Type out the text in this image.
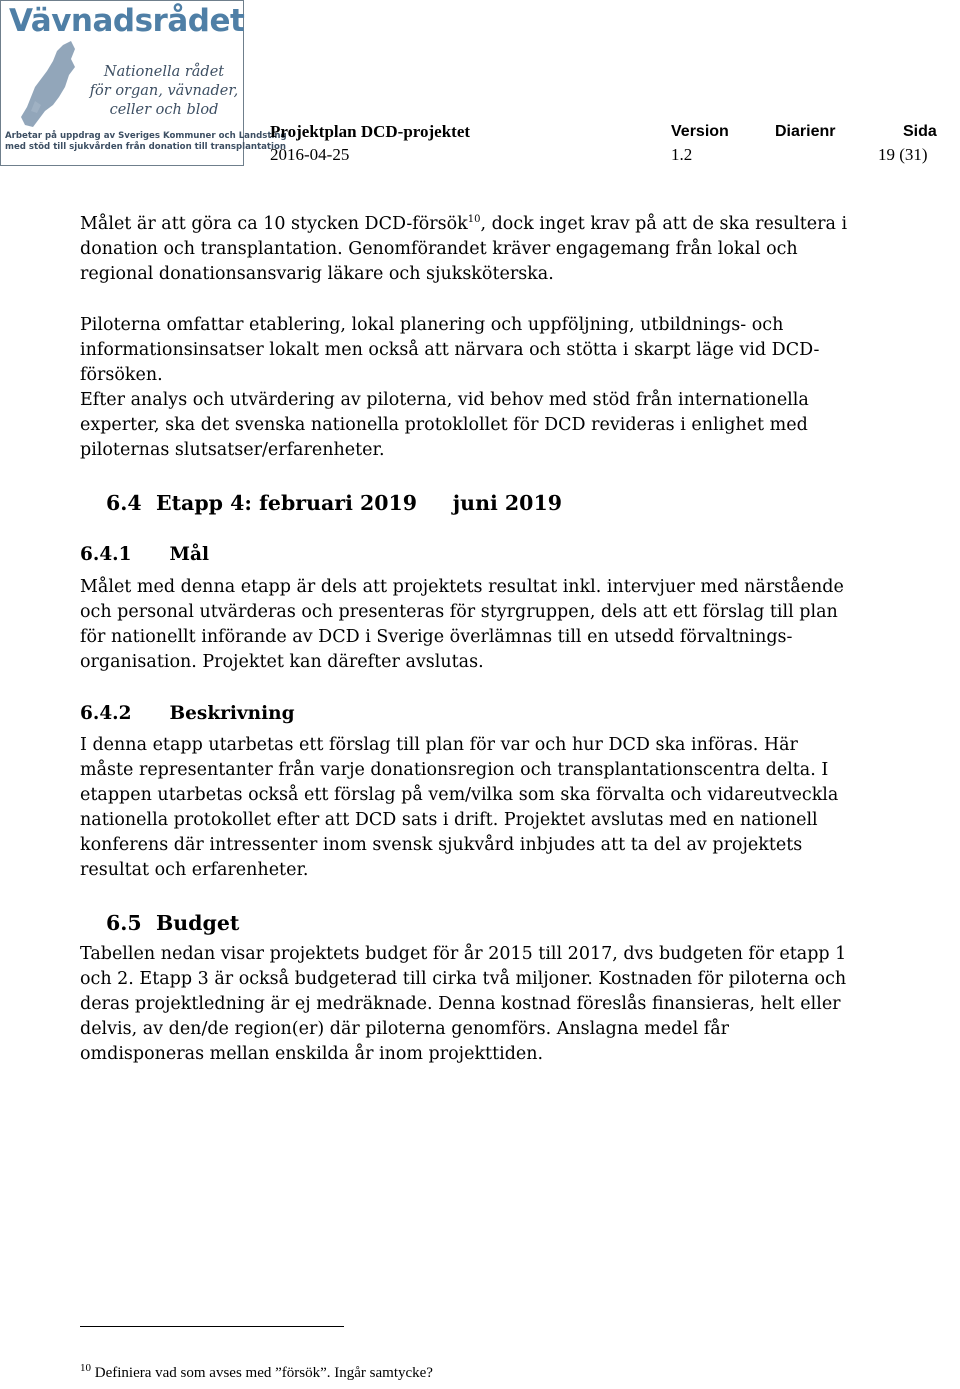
Vävnadsrådet
Nationella rådet
för organ, vävnader,
celler och blod
Arbetar på uppdrag av Sveriges Kommuner och Landsting
med stöd till sjukvården från donation till transplantation
Projektplan DCD-projektet
2016-04-25
Version
1.2
Diarienr	Sida
19 (31)
Målet är att göra ca 10 stycken DCD-försök$^{10}$, dock inget krav på att de ska resultera i
donation och transplantation. Genomförandet kräver engagemang från lokal och
regional donationsansvarig läkare och sjuksköterska.
Piloterna omfattar etablering, lokal planering och uppföljning, utbildnings- och
informationsinsatser lokalt men också att närvara och stötta i skarpt läge vid DCD-
försöken.
Efter analys och utvärdering av piloterna, vid behov med stöd från internationella
experter, ska det svenska nationella protoklollet för DCD revideras i enlighet med
piloternas slutsatser/erfarenheter.
6.4 Etapp 4: februari 2019 juni 2019
6.4.1 Mål
Målet med denna etapp är dels att projektets resultat inkl. intervjuer med närstående
och personal utvärderas och presenteras för styrgruppen, dels att ett förslag till plan
för nationellt införande av DCD i Sverige överlämnas till en utsedd förvaltnings-
organisation. Projektet kan därefter avslutas.
6.4.2 Beskrivning
I denna etapp utarbetas ett förslag till plan för var och hur DCD ska införas. Här
måste representanter från varje donationsregion och transplantationscentra delta. I
etappen utarbetas också ett förslag på vem/vilka som ska förvalta och vidareutveckla
nationella protokollet efter att DCD sats i drift. Projektet avslutas med en nationell
konferens där intressenter inom svensk sjukvård inbjudes att ta del av projektets
resultat och erfarenheter.
6.5 Budget
Tabellen nedan visar projektets budget för år 2015 till 2017, dvs budgeten för etapp 1
och 2. Etapp 3 är också budgeterad till cirka två miljoner. Kostnaden för piloterna och
deras projektledning är ej medräknade. Denna kostnad föreslås finansieras, helt eller
delvis, av den/de region(er) där piloterna genomförs. Anslagna medel får
omdisponeras mellan enskilda år inom projekttiden.
$^{10}$ Definiera vad som avses med ”försök”. Ingår samtycke?
